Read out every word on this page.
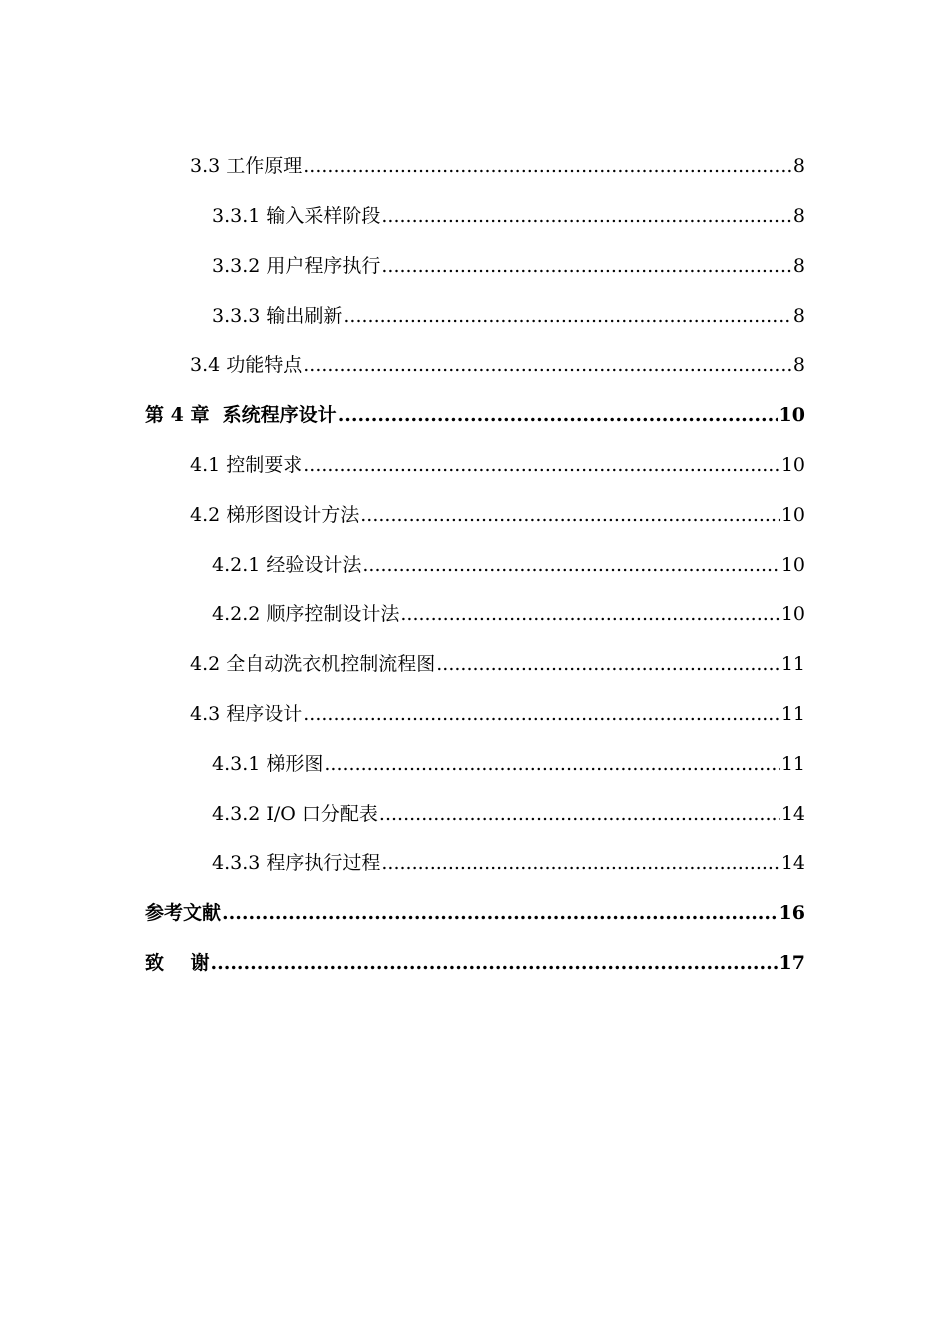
3.3 工作原理 .....	8
3.3.1 输入采样阶段 .....	8
3.3.2 用户程序执行 .....	8
3.3.3 输出刷新 .....	8
3.4 功能特点 .....	8
第 4 章  系统程序设计 .....	10
4.1 控制要求 .....	10
4.2 梯形图设计方法 .....	10
4.2.1 经验设计法 .....	10
4.2.2 顺序控制设计法 .....	10
4.2 全自动洗衣机控制流程图 .....	11
4.3 程序设计 .....	11
4.3.1 梯形图 .....	11
4.3.2 I/O 口分配表 .....	14
4.3.3 程序执行过程 .....	14
参考文献 .....	16
致    谢 .....	17
